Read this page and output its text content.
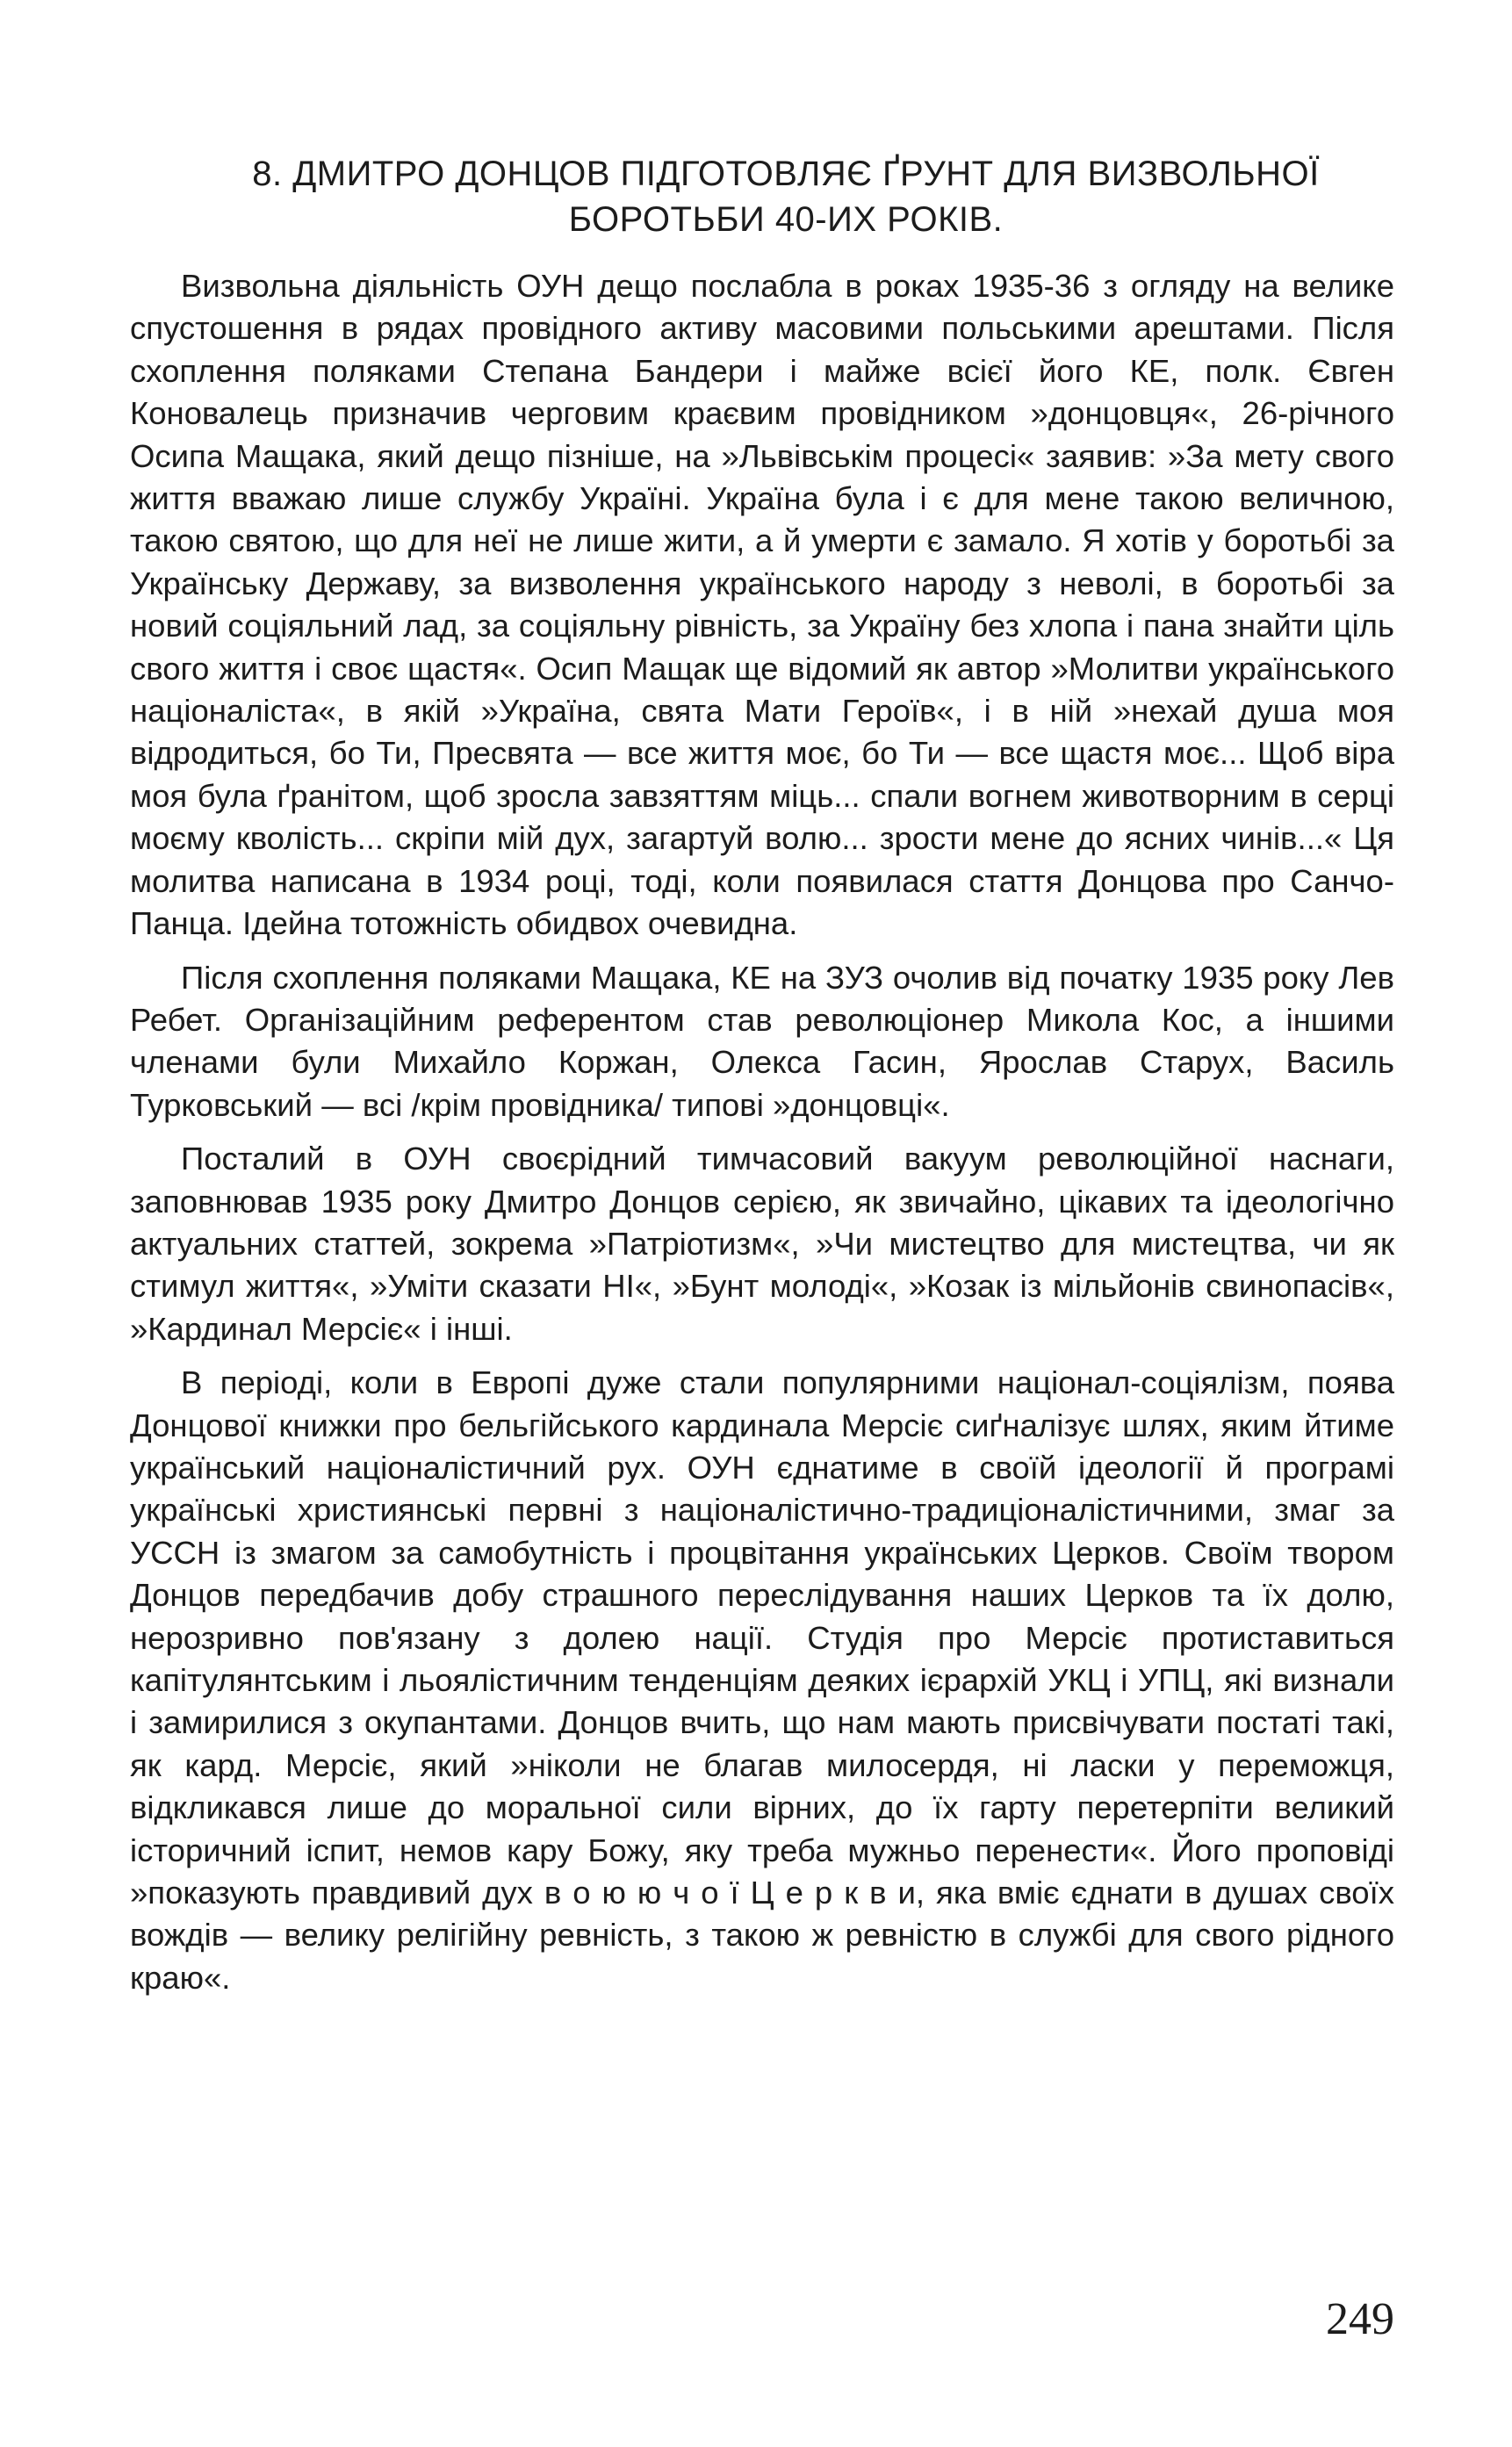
8. ДМИТРО ДОНЦОВ ПІДГОТОВЛЯЄ ҐРУНТ ДЛЯ ВИЗВОЛЬНОЇ БОРОТЬБИ 40-ИХ РОКІВ.

Визвольна діяльність ОУН дещо послабла в роках 1935-36 з огляду на велике спустошення в рядах провідного активу масовими польськими арештами. Після схоплення поляками Степана Бандери і майже всієї його КЕ, полк. Євген Коновалець призначив черговим краєвим провідником »донцовця«, 26-річного Осипа Мащака, який дещо пізніше, на »Львівськім процесі« заявив: »За мету свого життя вважаю лише службу Україні. Україна була і є для мене такою величною, такою святою, що для неї не лише жити, а й умерти є замало. Я хотів у боротьбі за Українську Державу, за визволення українського народу з неволі, в боротьбі за новий соціяльний лад, за соціяльну рівність, за Україну без хлопа і пана знайти ціль свого життя і своє щастя«. Осип Мащак ще відомий як автор »Молитви українського націоналіста«, в якій »Україна, свята Мати Героїв«, і в ній »нехай душа моя відродиться, бо Ти, Пресвята — все життя моє, бо Ти — все щастя моє... Щоб віра моя була ґранітом, щоб зросла завзяттям міць... спали вогнем животворним в серці моєму кволість... скріпи мій дух, загартуй волю... зрости мене до ясних чинів...« Ця молитва написана в 1934 році, тоді, коли появилася стаття Донцова про Санчо-Панца. Ідейна тотожність обидвох очевидна.

Після схоплення поляками Мащака, КЕ на ЗУЗ очолив від початку 1935 року Лев Ребет. Організаційним референтом став революціонер Микола Кос, а іншими членами були Михайло Коржан, Олекса Гасин, Ярослав Старух, Василь Турковський — всі /крім провідника/ типові »донцовці«.

Посталий в ОУН своєрідний тимчасовий вакуум революційної наснаги, заповнював 1935 року Дмитро Донцов серією, як звичайно, цікавих та ідеологічно актуальних статтей, зокрема »Патріотизм«, »Чи мистецтво для мистецтва, чи як стимул життя«, »Уміти сказати НІ«, »Бунт молоді«, »Козак із мільйонів свинопасів«, »Кардинал Мерсіє« і інші.

В періоді, коли в Европі дуже стали популярними націонал-соціялізм, поява Донцової книжки про бельгійського кардинала Мерсіє сиґналізує шлях, яким йтиме український націоналістичний рух. ОУН єднатиме в своїй ідеології й програмі українські християнські первні з націоналістично-традиціоналістичними, змаг за УССН із змагом за самобутність і процвітання українських Церков. Своїм твором Донцов передбачив добу страшного переслідування наших Церков та їх долю, нерозривно пов'язану з долею нації. Студія про Мерсіє протиставиться капітулянтським і льоялістичним тенденціям деяких ієрархій УКЦ і УПЦ, які визнали і замирилися з окупантами. Донцов вчить, що нам мають присвічувати постаті такі, як кард. Мерсіє, який »ніколи не благав милосердя, ні ласки у переможця, відкликався лише до моральної сили вірних, до їх гарту перетерпіти великий історичний іспит, немов кару Божу, яку треба мужньо перенести«. Його проповіді »показують правдивий дух в о ю ю ч о ї Ц е р к в и, яка вміє єднати в душах своїх вождів — велику релігійну ревність, з такою ж ревністю в службі для свого рідного краю«.

249
